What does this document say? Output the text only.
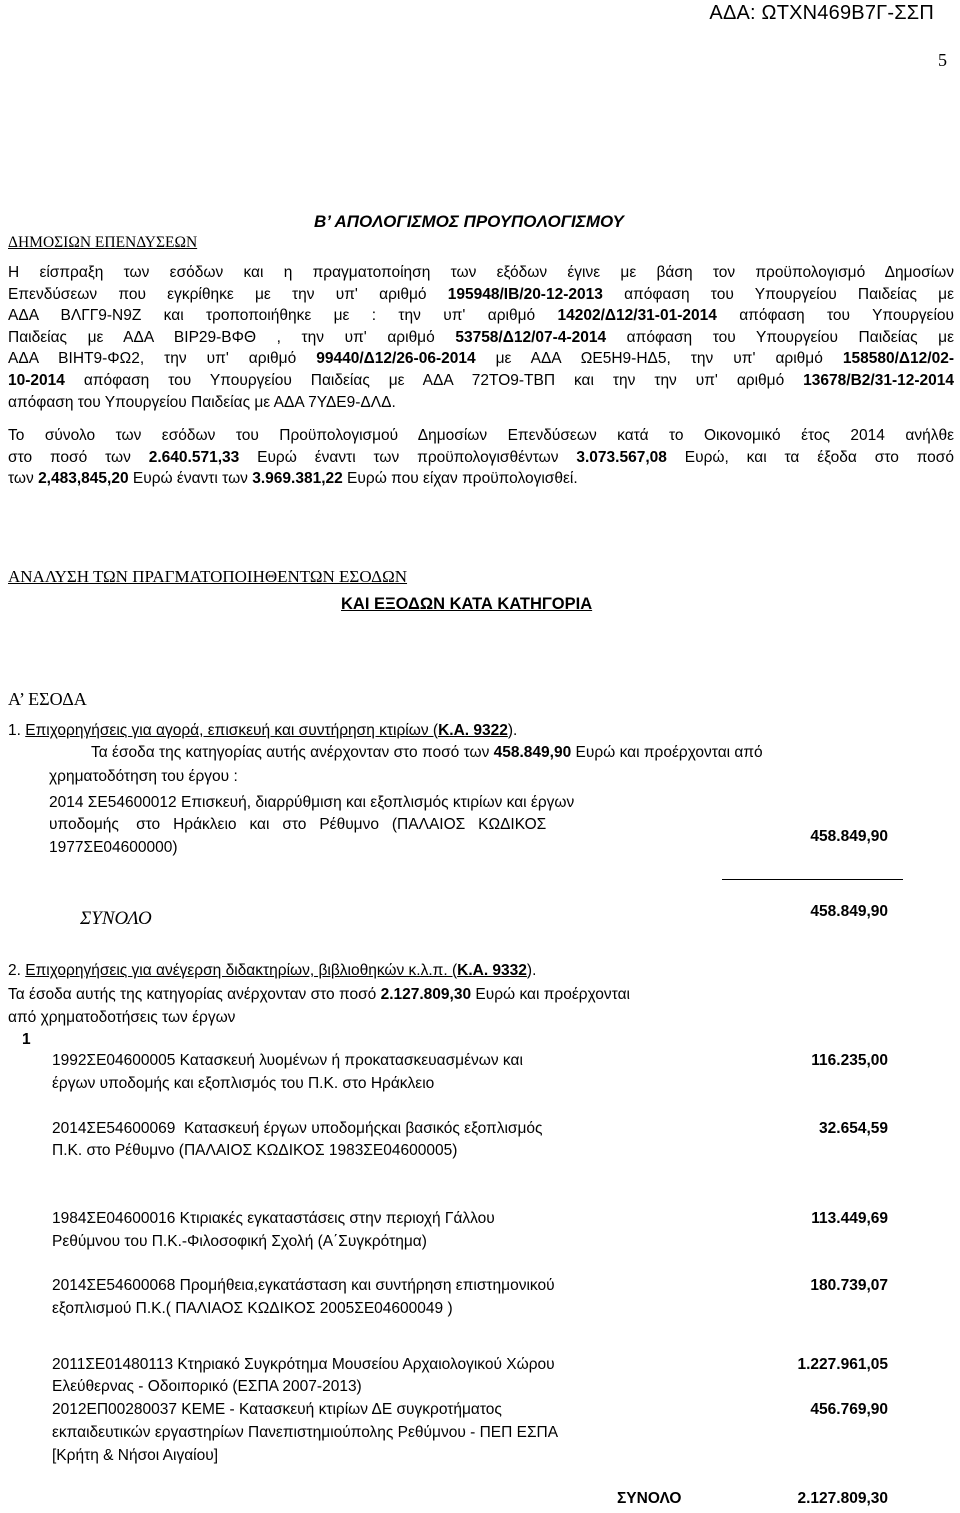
ΑΔΑ: ΩΤΧΝ469Β7Γ-ΣΣΠ
5
Β’ ΑΠΟΛΟΓΙΣΜΟΣ ΠΡΟΥΠΟΛΟΓΙΣΜΟΥ
ΔΗΜΟΣΙΩΝ ΕΠΕΝΔΥΣΕΩΝ
Η είσπραξη των εσόδων και η πραγματοποίηση των εξόδων έγινε με βάση τον προϋπολογισμό Δημοσίων
Επενδύσεων που εγκρίθηκε με την υπ' αριθμό 195948/ΙΒ/20-12-2013 απόφαση του Υπουργείου Παιδείας με
ΑΔΑ ΒΛΓΓ9-Ν9Ζ και τροποποιήθηκε με : την υπ' αριθμό 14202/Δ12/31-01-2014 απόφαση του Υπουργείου
Παιδείας με ΑΔΑ ΒΙΡ29-ΒΦΘ , την υπ' αριθμό 53758/Δ12/07-4-2014 απόφαση του Υπουργείου Παιδείας με
ΑΔΑ ΒΙΗΤ9-ΦΩ2, την υπ' αριθμό 99440/Δ12/26-06-2014 με ΑΔΑ ΩΕ5Η9-ΗΔ5, την υπ' αριθμό 158580/Δ12/02-
10-2014 απόφαση του Υπουργείου Παιδείας με ΑΔΑ 72ΤΟ9-ΤΒΠ και την την υπ' αριθμό 13678/Β2/31-12-2014
απόφαση του Υπουργείου Παιδείας με ΑΔΑ 7ΥΔΕ9-ΔΛΔ.
Το σύνολο των εσόδων του Προϋπολογισμού Δημοσίων Επενδύσεων κατά το Οικονομικό έτος 2014 ανήλθε
στο ποσό των 2.640.571,33 Ευρώ έναντι των προϋπολογισθέντων 3.073.567,08 Ευρώ, και τα έξοδα στο ποσό
των 2,483,845,20 Ευρώ έναντι των 3.969.381,22 Ευρώ που είχαν προϋπολογισθεί.
ΑΝΑΛΥΣΗ ΤΩΝ ΠΡΑΓΜΑΤΟΠΟΙΗΘΕΝΤΩΝ ΕΣΟΔΩΝ
ΚΑΙ ΕΞΟΔΩΝ ΚΑΤΑ ΚΑΤΗΓΟΡΙΑ
Α’ ΕΣΟΔΑ
1. Επιχορηγήσεις για αγορά, επισκευή και συντήρηση κτιρίων (Κ.Α. 9322).
Τα έσοδα της κατηγορίας αυτής ανέρχονταν στο ποσό των 458.849,90 Ευρώ και προέρχονται από
χρηματοδότηση του έργου :
2014 ΣΕ54600012 Επισκευή, διαρρύθμιση και εξοπλισμός κτιρίων και έργων
υποδομής    στο   Ηράκλειο   και   στο   Ρέθυμνο   (ΠΑΛΑΙΟΣ   ΚΩΔΙΚΟΣ
1977ΣΕ04600000)
458.849,90
ΣΥΝΟΛΟ	458.849,90
2. Επιχορηγήσεις για ανέγερση διδακτηρίων, βιβλιοθηκών κ.λ.π. (Κ.Α. 9332).
Τα έσοδα αυτής της κατηγορίας ανέρχονταν στο ποσό 2.127.809,30 Ευρώ και προέρχονται
από χρηματοδοτήσεις των έργων
1
1992ΣΕ04600005 Κατασκευή λυομένων ή προκατασκευασμένων και
έργων υποδομής και εξοπλισμός του Π.Κ. στο Ηράκλειο
116.235,00
2014ΣΕ54600069  Κατασκευή έργων υποδομήςκαι βασικός εξοπλισμός
Π.Κ. στο Ρέθυμνο (ΠΑΛΑΙΟΣ ΚΩΔΙΚΟΣ 1983ΣΕ04600005)
32.654,59
1984ΣΕ04600016 Κτιριακές εγκαταστάσεις στην περιοχή Γάλλου
Ρεθύμνου του Π.Κ.-Φιλοσοφική Σχολή (Α΄Συγκρότημα)
113.449,69
2014ΣΕ54600068 Προμήθεια,εγκατάσταση και συντήρηση επιστημονικού
εξοπλισμού Π.Κ.( ΠΑΛΙΑΟΣ ΚΩΔΙΚΟΣ 2005ΣΕ04600049 )
180.739,07
2011ΣΕ01480113 Κτηριακό Συγκρότημα Μουσείου Αρχαιολογικού Χώρου
Ελεύθερνας - Οδοιπορικό (ΕΣΠΑ 2007-2013)
1.227.961,05
2012ΕΠ00280037 ΚΕΜΕ - Κατασκευή κτιρίων ΔΕ συγκροτήματος
εκπαιδευτικών εργαστηρίων Πανεπιστημιούπολης Ρεθύμνου - ΠΕΠ ΕΣΠΑ
[Κρήτη & Νήσοι Αιγαίου]
456.769,90
ΣΥΝΟΛΟ	2.127.809,30
